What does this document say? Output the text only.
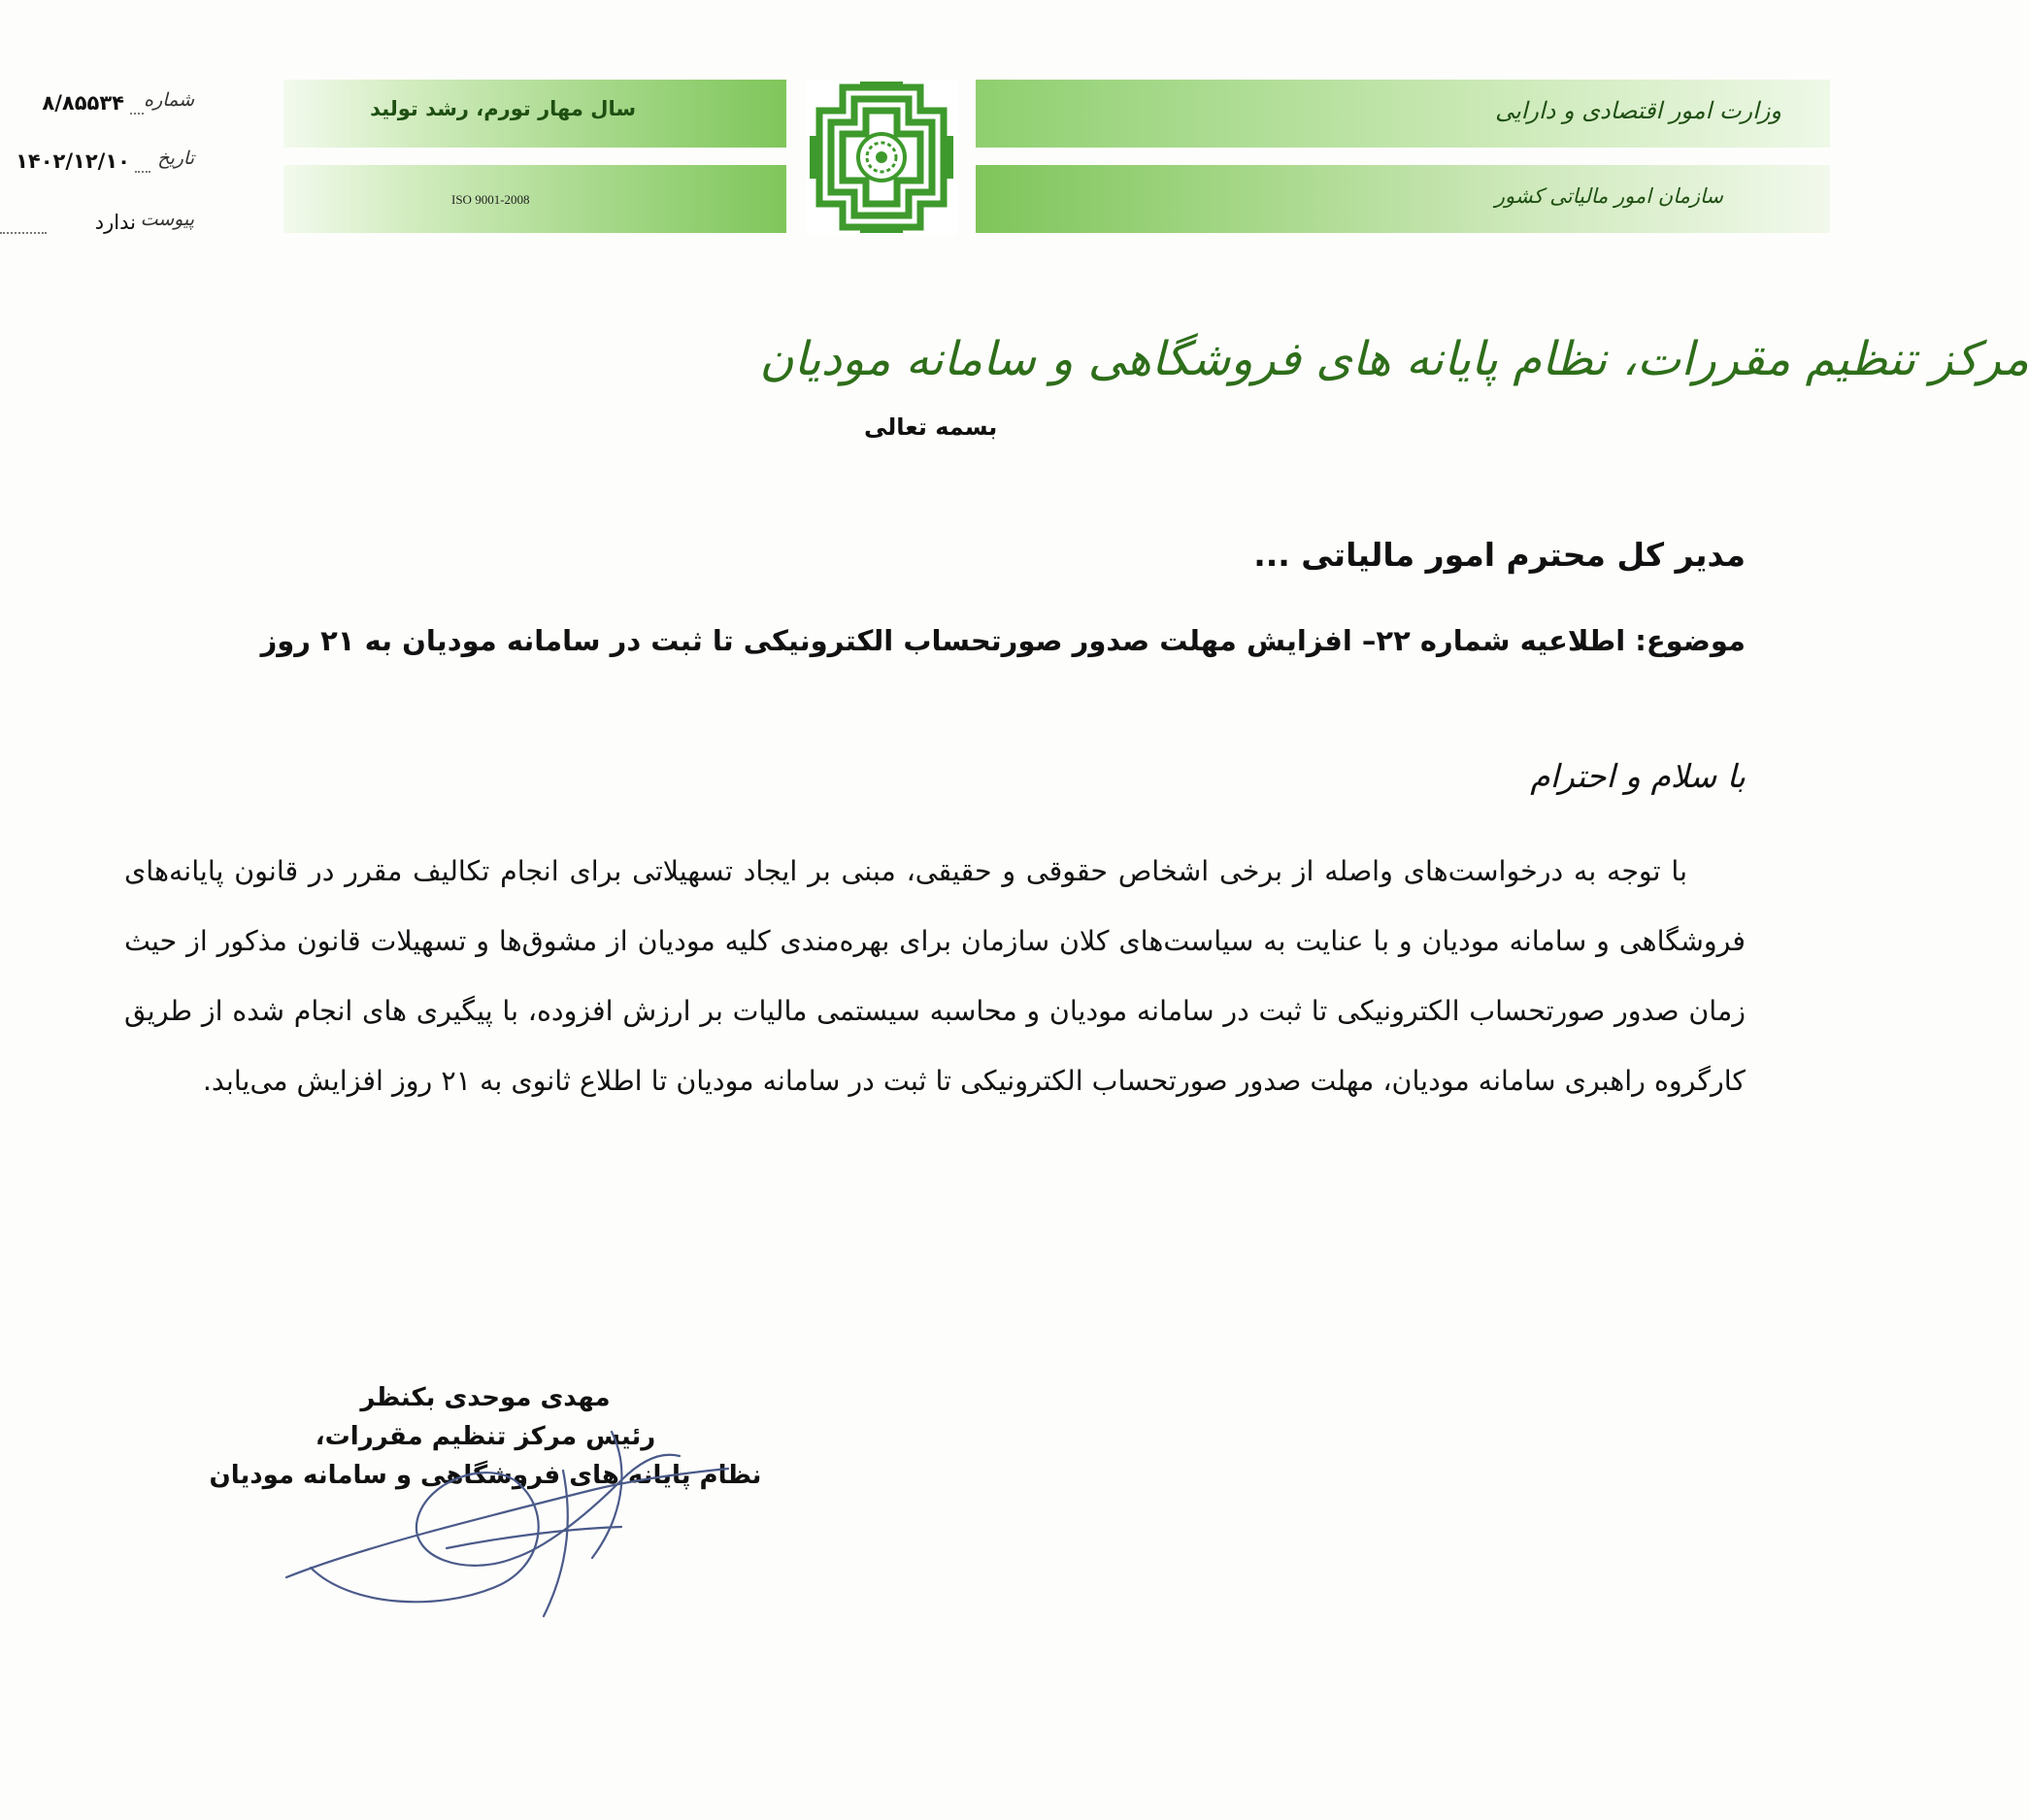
وزارت امور اقتصادی و دارایی
سازمان امور مالیاتی کشور
سال مهار تورم، رشد تولید
ISO 9001-2008
شماره
۸/۸۵۵۳۴
تاریخ
۱۴۰۲/۱۲/۱۰
پیوست
ندارد
مرکز تنظیم مقررات، نظام پایانه های فروشگاهی و سامانه مودیان
بسمه تعالی
مدیر کل محترم امور مالیاتی ...
موضوع: اطلاعیه شماره ۲۲– افزایش مهلت صدور صورتحساب الکترونیکی تا ثبت در سامانه مودیان به ۲۱ روز
با سلام و احترام
با توجه به درخواست‌های واصله از برخی اشخاص حقوقی و حقیقی، مبنی بر ایجاد تسهیلاتی برای انجام تکالیف مقرر در قانون پایانه‌های فروشگاهی و سامانه مودیان و با عنایت به سیاست‌های کلان سازمان برای بهره‌مندی کلیه مودیان از مشوق‌ها و تسهیلات قانون مذکور از حیث زمان صدور صورتحساب الکترونیکی تا ثبت در سامانه مودیان و محاسبه سیستمی مالیات بر ارزش افزوده، با پیگیری های انجام شده از طریق کارگروه راهبری سامانه مودیان، مهلت صدور صورتحساب الکترونیکی تا ثبت در سامانه مودیان تا اطلاع ثانوی به ۲۱ روز افزایش می‌یابد.
مهدی موحدی بکنظر
رئیس مرکز تنظیم مقررات،
نظام پایانه های فروشگاهی و سامانه مودیان
